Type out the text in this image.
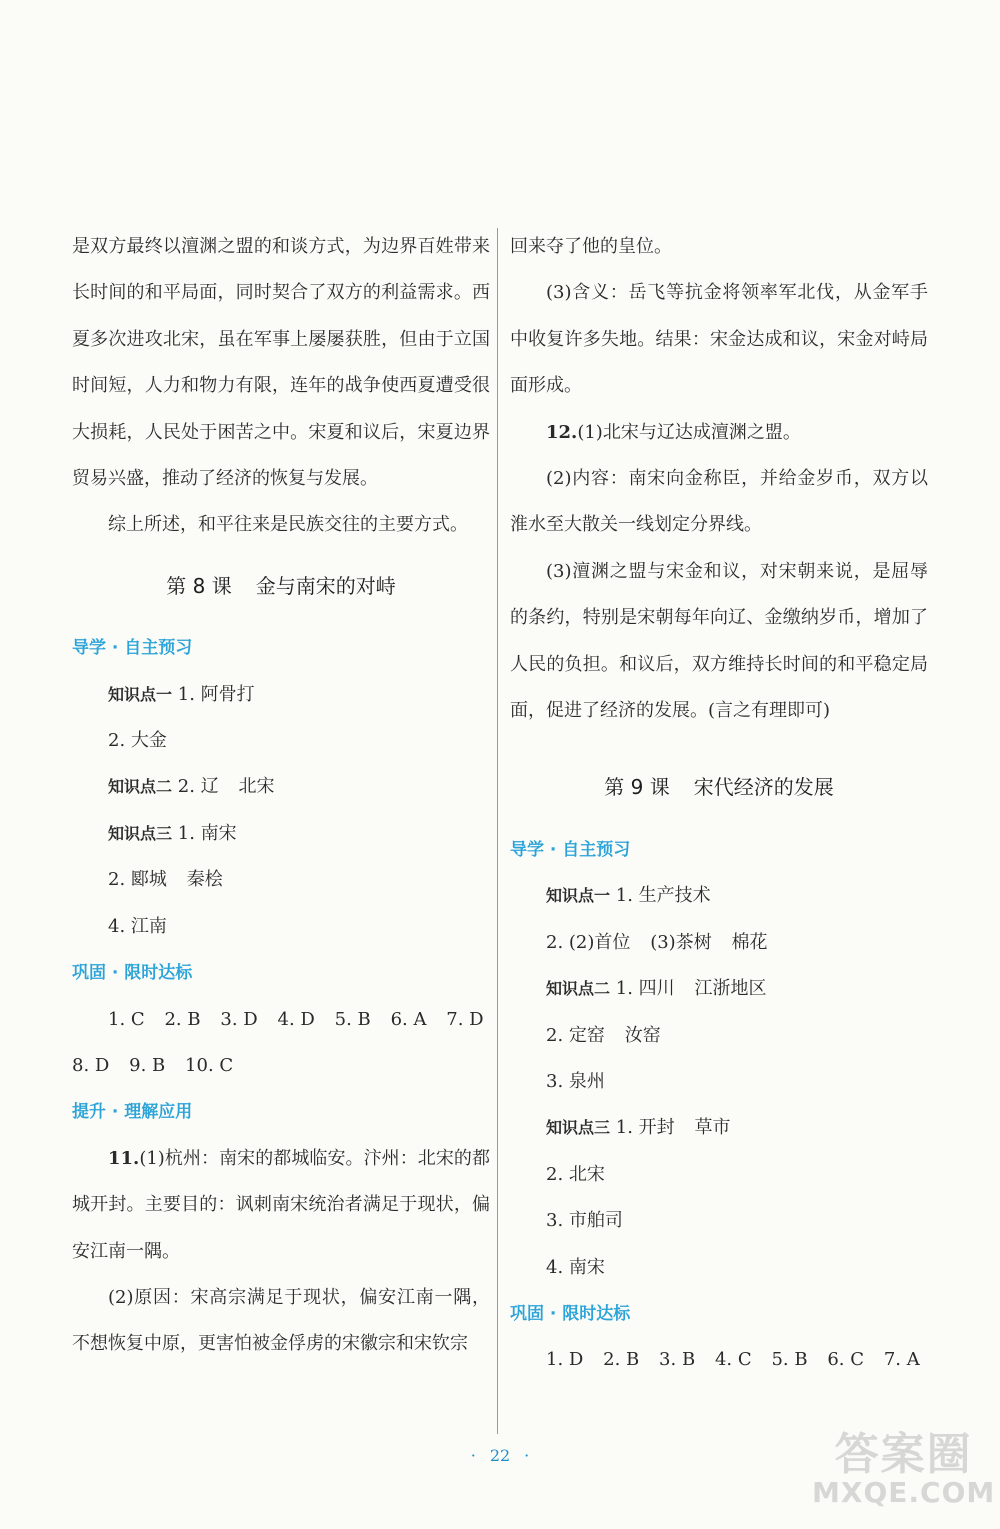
是双方最终以澶渊之盟的和谈方式，为边界百姓带来长时间的和平局面，同时契合了双方的利益需求。西夏多次进攻北宋，虽在军事上屡屡获胜，但由于立国时间短，人力和物力有限，连年的战争使西夏遭受很大损耗，人民处于困苦之中。宋夏和议后，宋夏边界贸易兴盛，推动了经济的恢复与发展。

综上所述，和平往来是民族交往的主要方式。

第 8 课 金与南宋的对峙
导学 · 自主预习

知识点一 1. 阿骨打

2. 大金

知识点二 2. 辽 北宋

知识点三 1. 南宋

2. 郾城 秦桧

4. 江南

巩固 · 限时达标

1. C 2. B 3. D 4. D 5. B 6. A 7. D

8. D 9. B 10. C

提升 · 理解应用

11.(1)杭州：南宋的都城临安。汴州：北宋的都城开封。主要目的：讽刺南宋统治者满足于现状，偏安江南一隅。

(2)原因：宋高宗满足于现状，偏安江南一隅，不想恢复中原，更害怕被金俘虏的宋徽宗和宋钦宗

回来夺了他的皇位。

(3)含义：岳飞等抗金将领率军北伐，从金军手中收复许多失地。结果：宋金达成和议，宋金对峙局面形成。

12.(1)北宋与辽达成澶渊之盟。

(2)内容：南宋向金称臣，并给金岁币，双方以淮水至大散关一线划定分界线。

(3)澶渊之盟与宋金和议，对宋朝来说，是屈辱的条约，特别是宋朝每年向辽、金缴纳岁币，增加了人民的负担。和议后，双方维持长时间的和平稳定局面，促进了经济的发展。(言之有理即可)

第 9 课 宋代经济的发展
导学 · 自主预习

知识点一 1. 生产技术

2. (2)首位 (3)茶树 棉花

知识点二 1. 四川 江浙地区

2. 定窑 汝窑

3. 泉州

知识点三 1. 开封 草市

2. 北宋

3. 市舶司

4. 南宋

巩固 · 限时达标

1. D 2. B 3. B 4. C 5. B 6. C 7. A

· 22 ·	答案圈
MXQE.COM
